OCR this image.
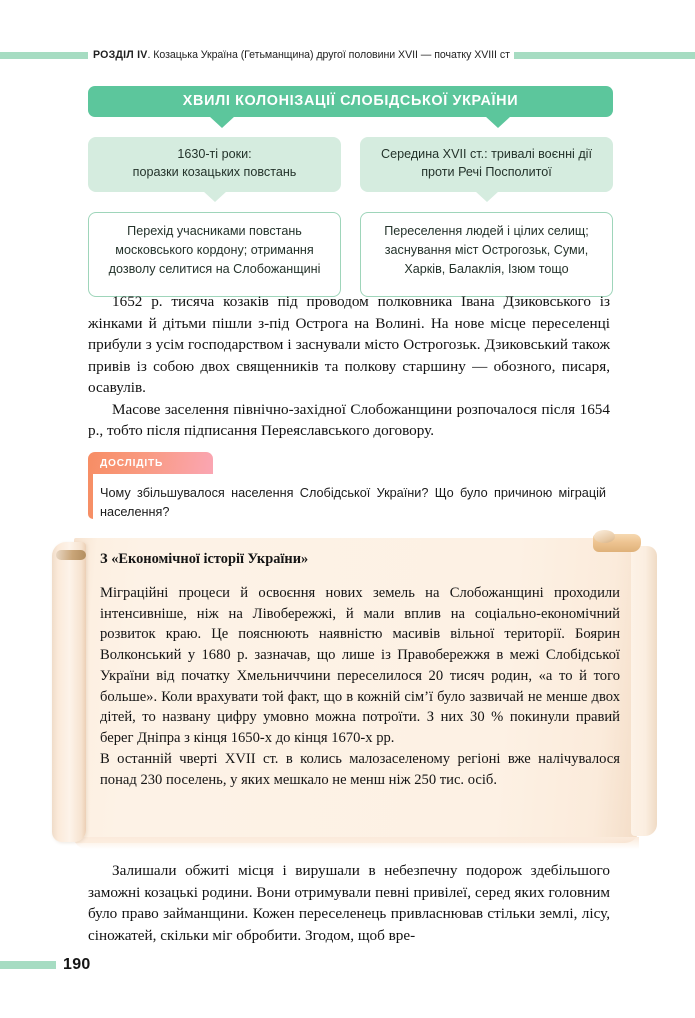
РОЗДІЛ IV. Козацька Україна (Гетьманщина) другої половини XVII — початку XVIII ст
ХВИЛІ КОЛОНІЗАЦІЇ СЛОБІДСЬКОЇ УКРАЇНИ
1630-ті роки:
поразки козацьких повстань
Перехід учасниками повстань московського кордону; отримання дозволу селитися на Слобожанщині
Середина XVII ст.: тривалі воєнні дії проти Речі Посполитої
Переселення людей і цілих селищ; заснування міст Острогозьк, Суми, Харків, Балаклія, Ізюм тощо

1652 р. тисяча козаків під проводом полковника Івана Дзиковського із жінками й дітьми пішли з-під Острога на Волині. На нове місце переселенці прибули з усім господарством і заснували місто Острогозьк. Дзиковський також привів із собою двох священників та полкову старшину — обозного, писаря, осавулів.

Масове заселення північно-західної Слобожанщини розпочалося після 1654 р., тобто після підписання Переяславського договору.

ДОСЛІДІТЬ
Чому збільшувалося населення Слобідської України? Що було причиною міграцій населення?
З «Економічної історії України»

Міграційні процеси й освоєння нових земель на Слобожанщині проходили інтенсивніше, ніж на Лівобережжі, й мали вплив на соціально-економічний розвиток краю. Це пояснюють наявністю масивів вільної території. Боярин Волконський у 1680 р. зазначав, що лише із Правобережжя в межі Слобідської України від початку Хмельниччини переселилося 20 тисяч родин, «а то й того больше». Коли врахувати той факт, що в кожній сім’ї було зазвичай не менше двох дітей, то названу цифру умовно можна потроїти. З них 30 % покинули правий берег Дніпра з кінця 1650-х до кінця 1670-х рр.

В останній чверті XVII ст. в колись малозаселеному регіоні вже налічувалося понад 230 поселень, у яких мешкало не менш ніж 250 тис. осіб.

Залишали обжиті місця і вирушали в небезпечну подорож здебільшого заможні козацькі родини. Вони отримували певні привілеї, серед яких головним було право займанщини. Кожен переселенець привласнював стільки землі, лісу, сіножатей, скільки міг обробити. Згодом, щоб вре-

190
